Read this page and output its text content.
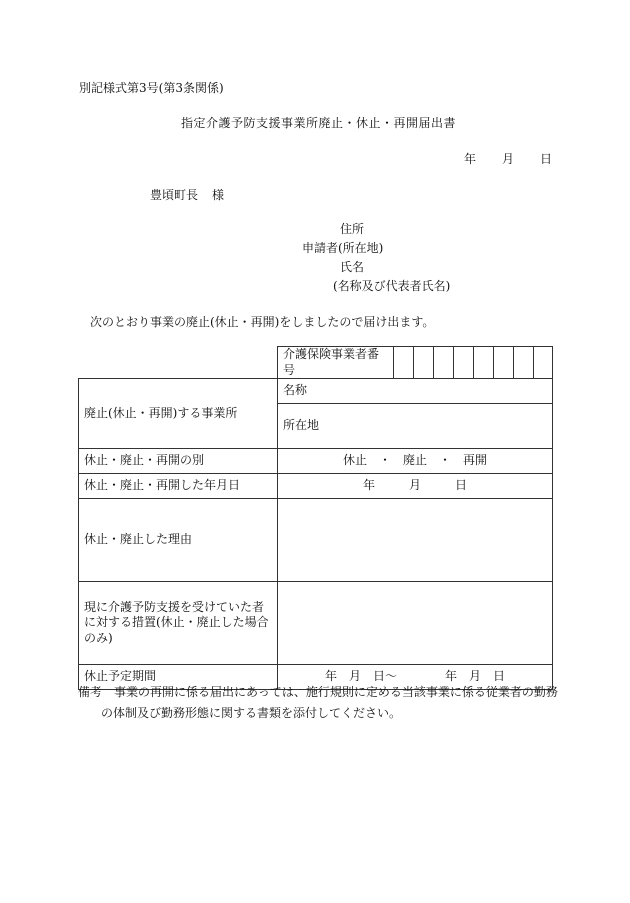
別記様式第3号(第3条関係)
指定介護予防支援事業所廃止・休止・再開届出書
年 月 日
豊頃町長 様
住所
申請者(所在地)
氏名
(名称及び代表者氏名)
次のとおり事業の廃止(休止・再開)をしましたので届け出ます。
	介護保険事業者番号								
廃止(休止・再開)する事業所	名称								
	所在地								
休止・廃止・再開の別	休止　・　廃止　・　再開								
休止・廃止・再開した年月日	年 月 日								
休止・廃止した理由									
現に介護予防支援を受けていた者に対する措置(休止・廃止した場合のみ)									
休止予定期間	年　月　日～　　　　年　月　日								
備考　事業の再開に係る届出にあっては、施行規則に定める当該事業に係る従業者の勤務
の体制及び勤務形態に関する書類を添付してください。
